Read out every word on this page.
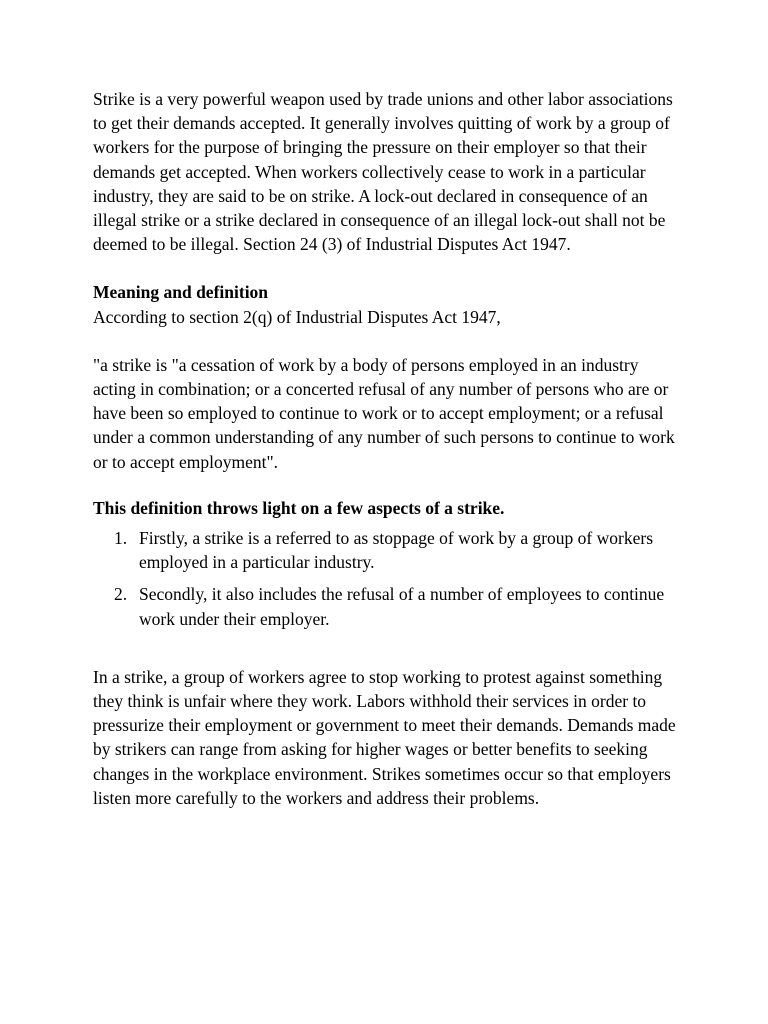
Strike is a very powerful weapon used by trade unions and other labor associations to get their demands accepted. It generally involves quitting of work by a group of workers for the purpose of bringing the pressure on their employer so that their demands get accepted. When workers collectively cease to work in a particular industry, they are said to be on strike. A lock-out declared in consequence of an illegal strike or a strike declared in consequence of an illegal lock-out shall not be deemed to be illegal. Section 24 (3) of Industrial Disputes Act 1947.

Meaning and definition

According to section 2(q) of Industrial Disputes Act 1947,

"a strike is "a cessation of work by a body of persons employed in an industry acting in combination; or a concerted refusal of any number of persons who are or have been so employed to continue to work or to accept employment; or a refusal under a common understanding of any number of such persons to continue to work or to accept employment".

This definition throws light on a few aspects of a strike.

1. Firstly, a strike is a referred to as stoppage of work by a group of workers employed in a particular industry.
2. Secondly, it also includes the refusal of a number of employees to continue work under their employer.

In a strike, a group of workers agree to stop working to protest against something they think is unfair where they work. Labors withhold their services in order to pressurize their employment or government to meet their demands. Demands made by strikers can range from asking for higher wages or better benefits to seeking changes in the workplace environment. Strikes sometimes occur so that employers listen more carefully to the workers and address their problems.
